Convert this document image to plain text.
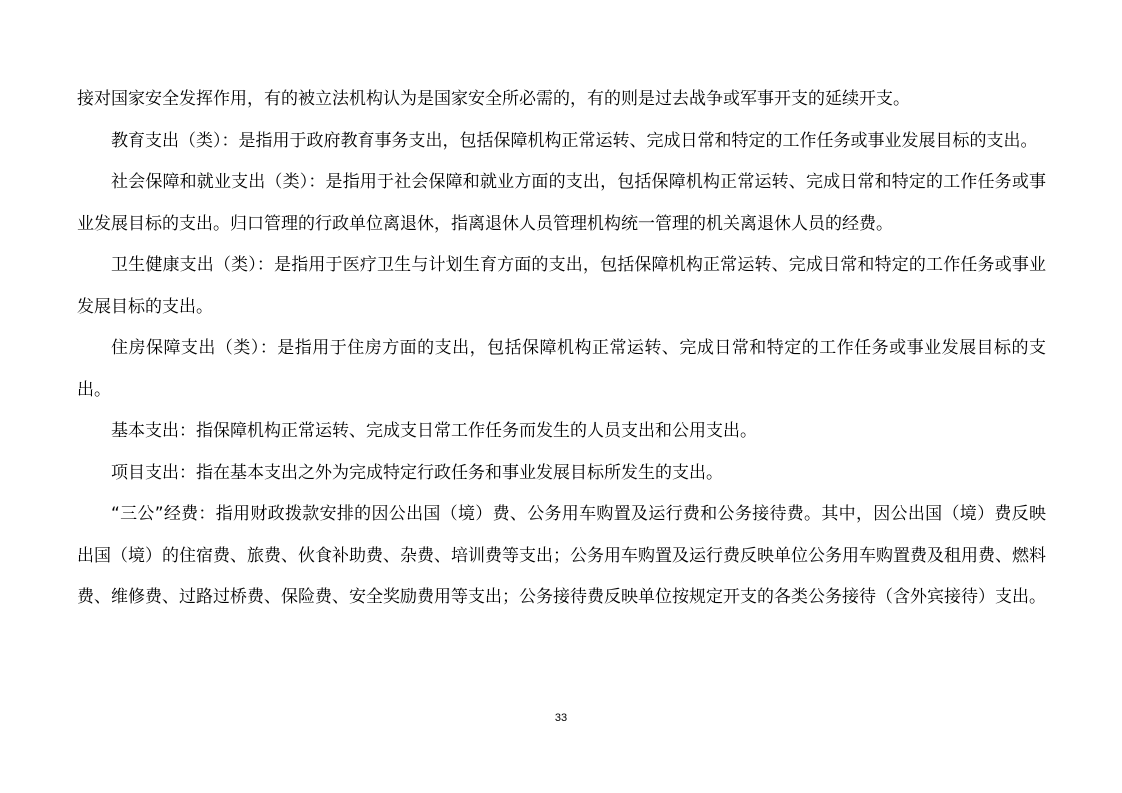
接对国家安全发挥作用，有的被立法机构认为是国家安全所必需的，有的则是过去战争或军事开支的延续开支。

教育支出（类）：是指用于政府教育事务支出，包括保障机构正常运转、完成日常和特定的工作任务或事业发展目标的支出。

社会保障和就业支出（类）：是指用于社会保障和就业方面的支出，包括保障机构正常运转、完成日常和特定的工作任务或事业发展目标的支出。归口管理的行政单位离退休，指离退休人员管理机构统一管理的机关离退休人员的经费。

卫生健康支出（类）：是指用于医疗卫生与计划生育方面的支出，包括保障机构正常运转、完成日常和特定的工作任务或事业发展目标的支出。

住房保障支出（类）：是指用于住房方面的支出，包括保障机构正常运转、完成日常和特定的工作任务或事业发展目标的支出。

基本支出：指保障机构正常运转、完成支日常工作任务而发生的人员支出和公用支出。

项目支出：指在基本支出之外为完成特定行政任务和事业发展目标所发生的支出。

“三公”经费：指用财政拨款安排的因公出国（境）费、公务用车购置及运行费和公务接待费。其中，因公出国（境）费反映出国（境）的住宿费、旅费、伙食补助费、杂费、培训费等支出；公务用车购置及运行费反映单位公务用车购置费及租用费、燃料费、维修费、过路过桥费、保险费、安全奖励费用等支出；公务接待费反映单位按规定开支的各类公务接待（含外宾接待）支出。

33
